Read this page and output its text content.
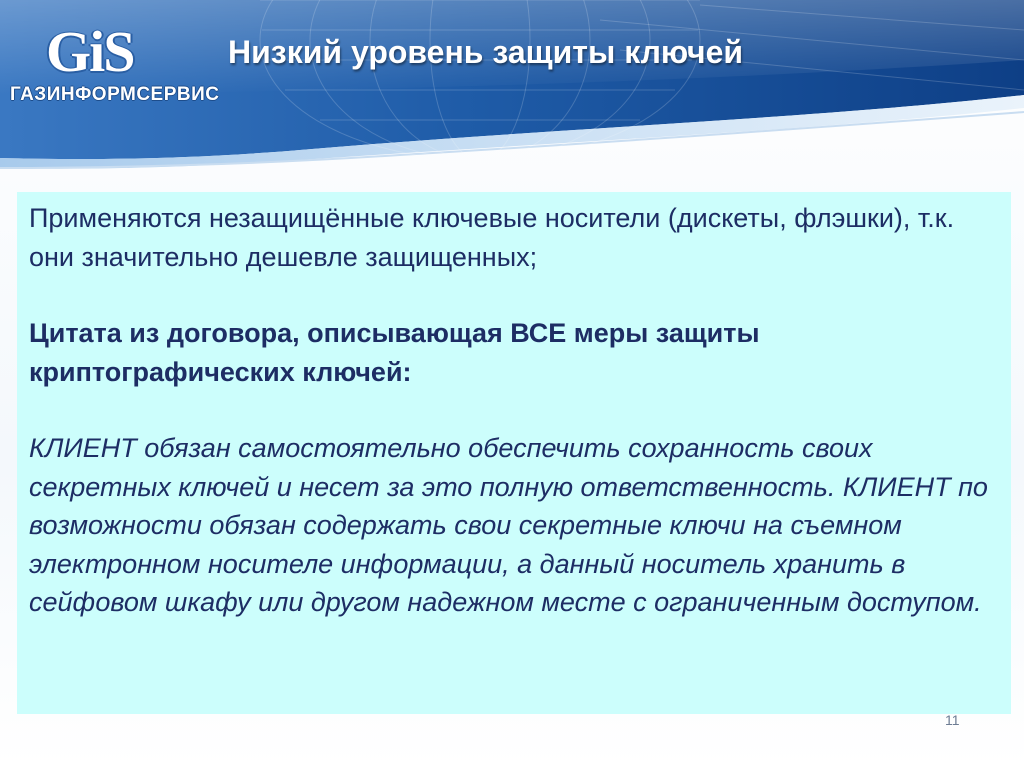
GiS
ГАЗИНФОРМСЕРВИС
Низкий уровень защиты ключей

Применяются незащищённые ключевые носители (дискеты, флэшки), т.к. они значительно дешевле защищенных;

Цитата из договора, описывающая ВСЕ меры защиты криптографических ключей:

КЛИЕНТ обязан самостоятельно обеспечить сохранность своих секретных ключей и несет за это полную ответственность. КЛИЕНТ по возможности обязан содержать свои секретные ключи на съемном электронном носителе информации, а данный носитель хранить в сейфовом шкафу или другом надежном месте с ограниченным доступом.

11
